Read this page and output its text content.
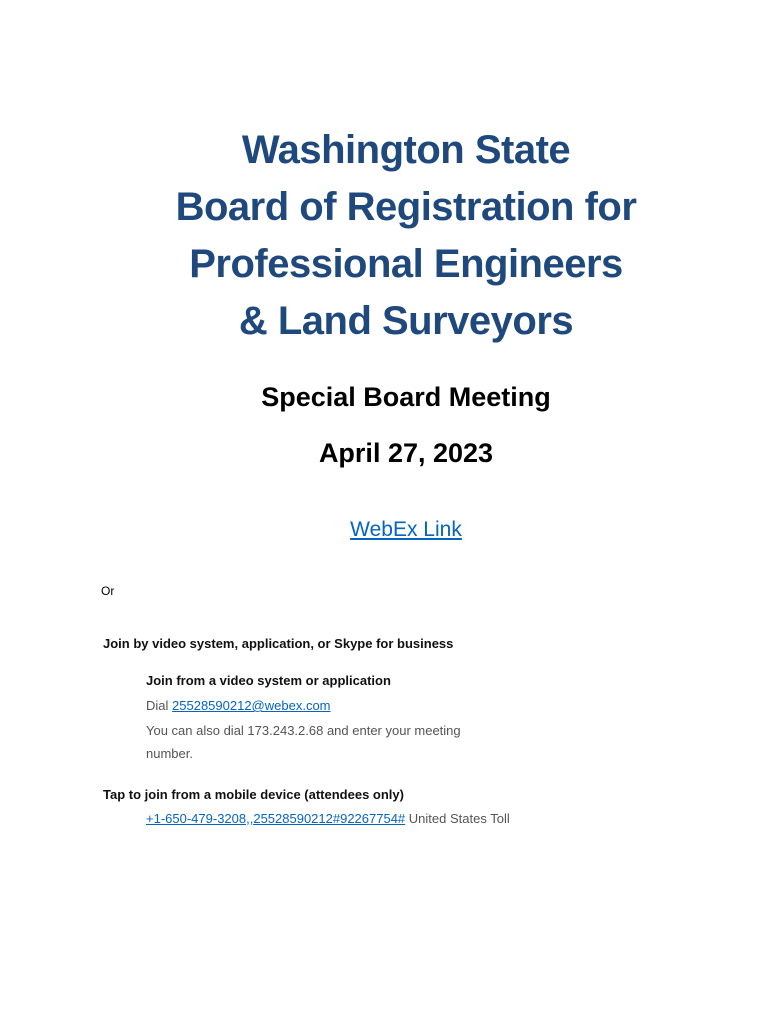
Washington State
Board of Registration for
Professional Engineers
& Land Surveyors
Special Board Meeting
April 27, 2023
WebEx Link
Or
Join by video system, application, or Skype for business
Join from a video system or application
Dial 25528590212@webex.com
You can also dial 173.243.2.68 and enter your meeting
number.
Tap to join from a mobile device (attendees only)
+1-650-479-3208,,25528590212#92267754# United States Toll
